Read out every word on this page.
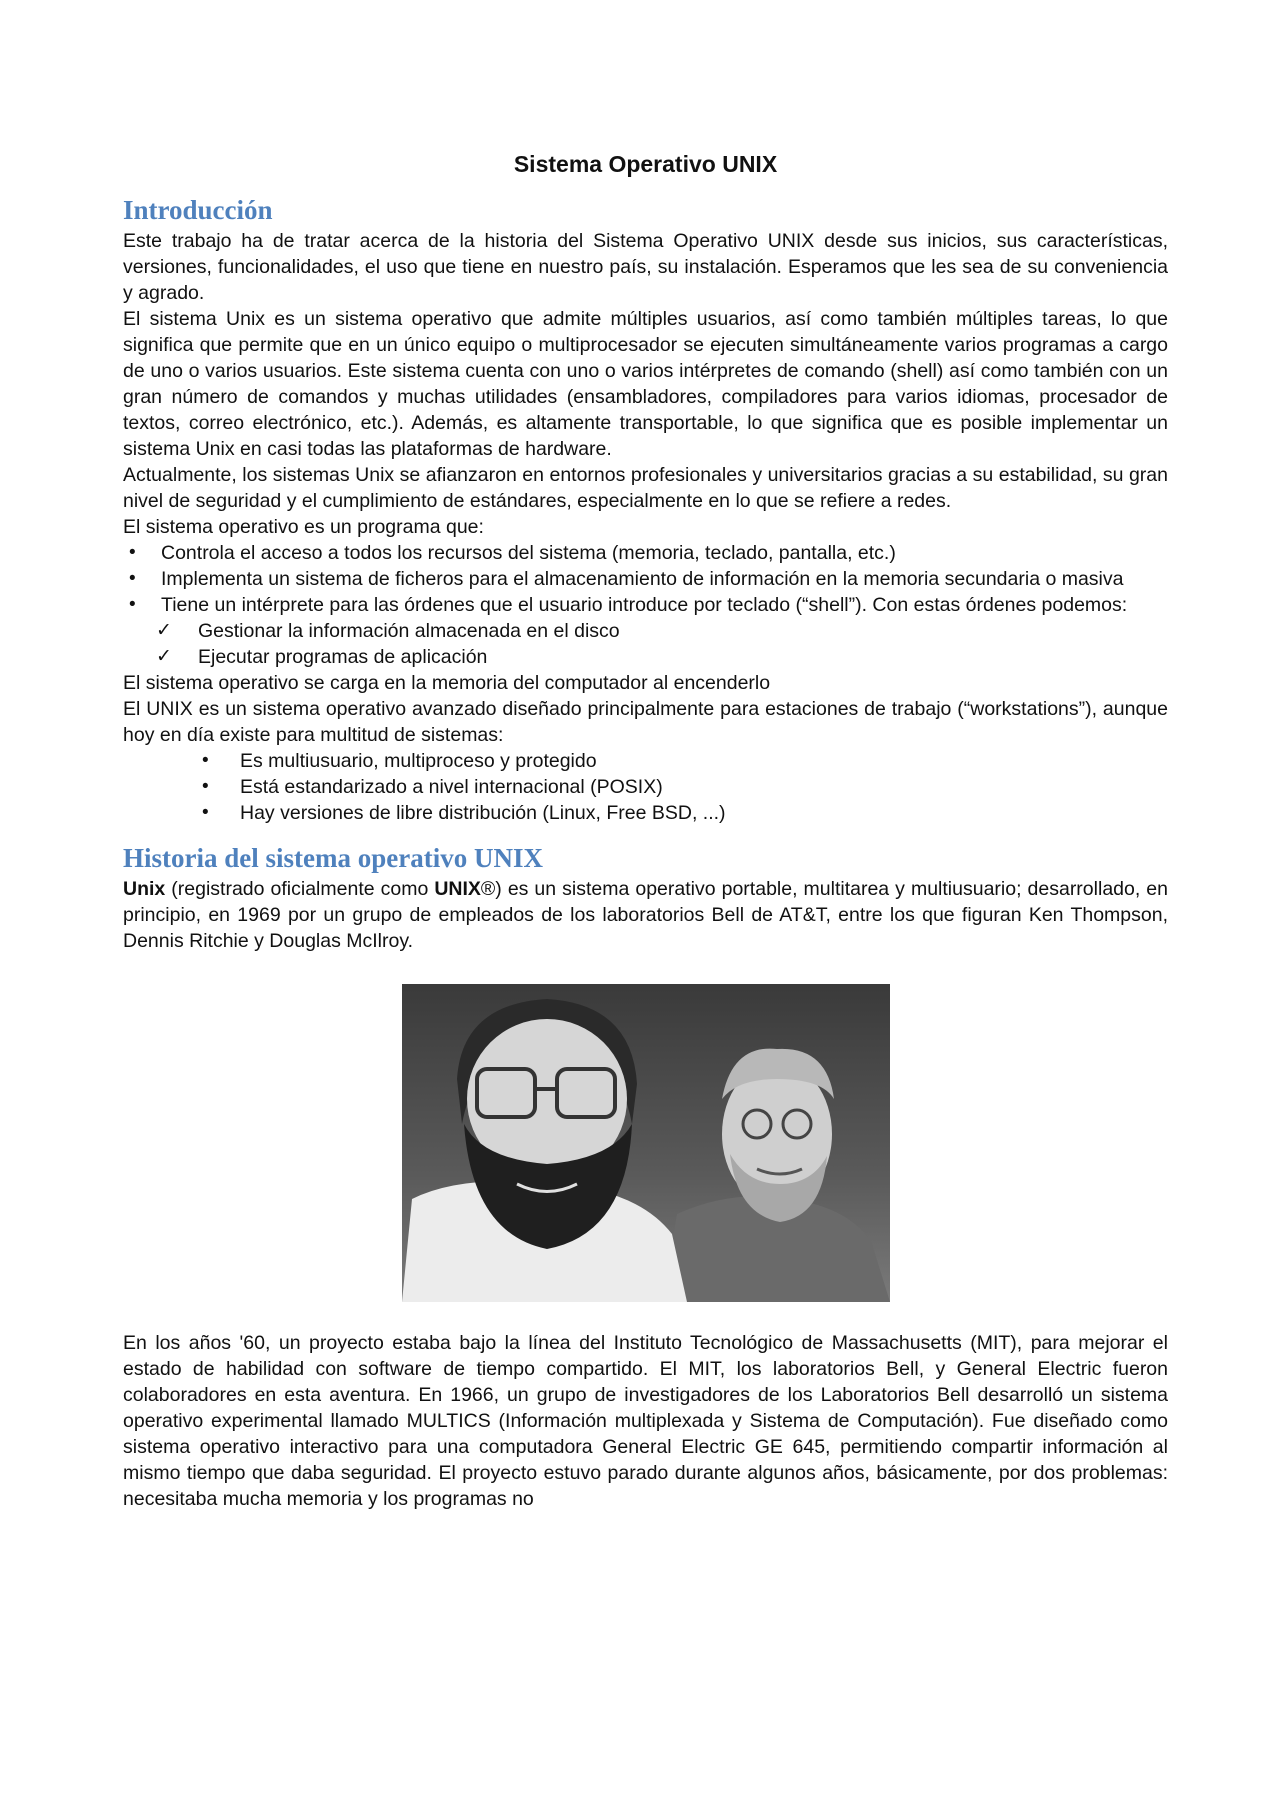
Sistema Operativo UNIX
Introducción

Este trabajo ha de tratar acerca de la historia del Sistema Operativo UNIX desde sus inicios, sus características, versiones, funcionalidades, el uso que tiene en nuestro país, su instalación. Esperamos que les sea de su conveniencia y agrado.

El sistema Unix es un sistema operativo que admite múltiples usuarios, así como también múltiples tareas, lo que significa que permite que en un único equipo o multiprocesador se ejecuten simultáneamente varios programas a cargo de uno o varios usuarios. Este sistema cuenta con uno o varios intérpretes de comando (shell) así como también con un gran número de comandos y muchas utilidades (ensambladores, compiladores para varios idiomas, procesador de textos, correo electrónico, etc.). Además, es altamente transportable, lo que significa que es posible implementar un sistema Unix en casi todas las plataformas de hardware.

Actualmente, los sistemas Unix se afianzaron en entornos profesionales y universitarios gracias a su estabilidad, su gran nivel de seguridad y el cumplimiento de estándares, especialmente en lo que se refiere a redes.

El sistema operativo es un programa que:

• Controla el acceso a todos los recursos del sistema (memoria, teclado, pantalla, etc.)
• Implementa un sistema de ficheros para el almacenamiento de información en la memoria secundaria o masiva
• Tiene un intérprete para las órdenes que el usuario introduce por teclado (“shell”). Con estas órdenes podemos:
✓ Gestionar la información almacenada en el disco
✓ Ejecutar programas de aplicación

El sistema operativo se carga en la memoria del computador al encenderlo

El UNIX es un sistema operativo avanzado diseñado principalmente para estaciones de trabajo (“workstations”), aunque hoy en día existe para multitud de sistemas:

• Es multiusuario, multiproceso y protegido
• Está estandarizado a nivel internacional (POSIX)
• Hay versiones de libre distribución (Linux, Free BSD, ...)
Historia del sistema operativo UNIX

Unix (registrado oficialmente como UNIX®) es un sistema operativo portable, multitarea y multiusuario; desarrollado, en principio, en 1969 por un grupo de empleados de los laboratorios Bell de AT&T, entre los que figuran Ken Thompson, Dennis Ritchie y Douglas McIlroy.

En los años '60, un proyecto estaba bajo la línea del Instituto Tecnológico de Massachusetts (MIT), para mejorar el estado de habilidad con software de tiempo compartido. El MIT, los laboratorios Bell, y General Electric fueron colaboradores en esta aventura. En 1966, un grupo de investigadores de los Laboratorios Bell desarrolló un sistema operativo experimental llamado MULTICS (Información multiplexada y Sistema de Computación). Fue diseñado como sistema operativo interactivo para una computadora General Electric GE 645, permitiendo compartir información al mismo tiempo que daba seguridad. El proyecto estuvo parado durante algunos años, básicamente, por dos problemas: necesitaba mucha memoria y los programas no
